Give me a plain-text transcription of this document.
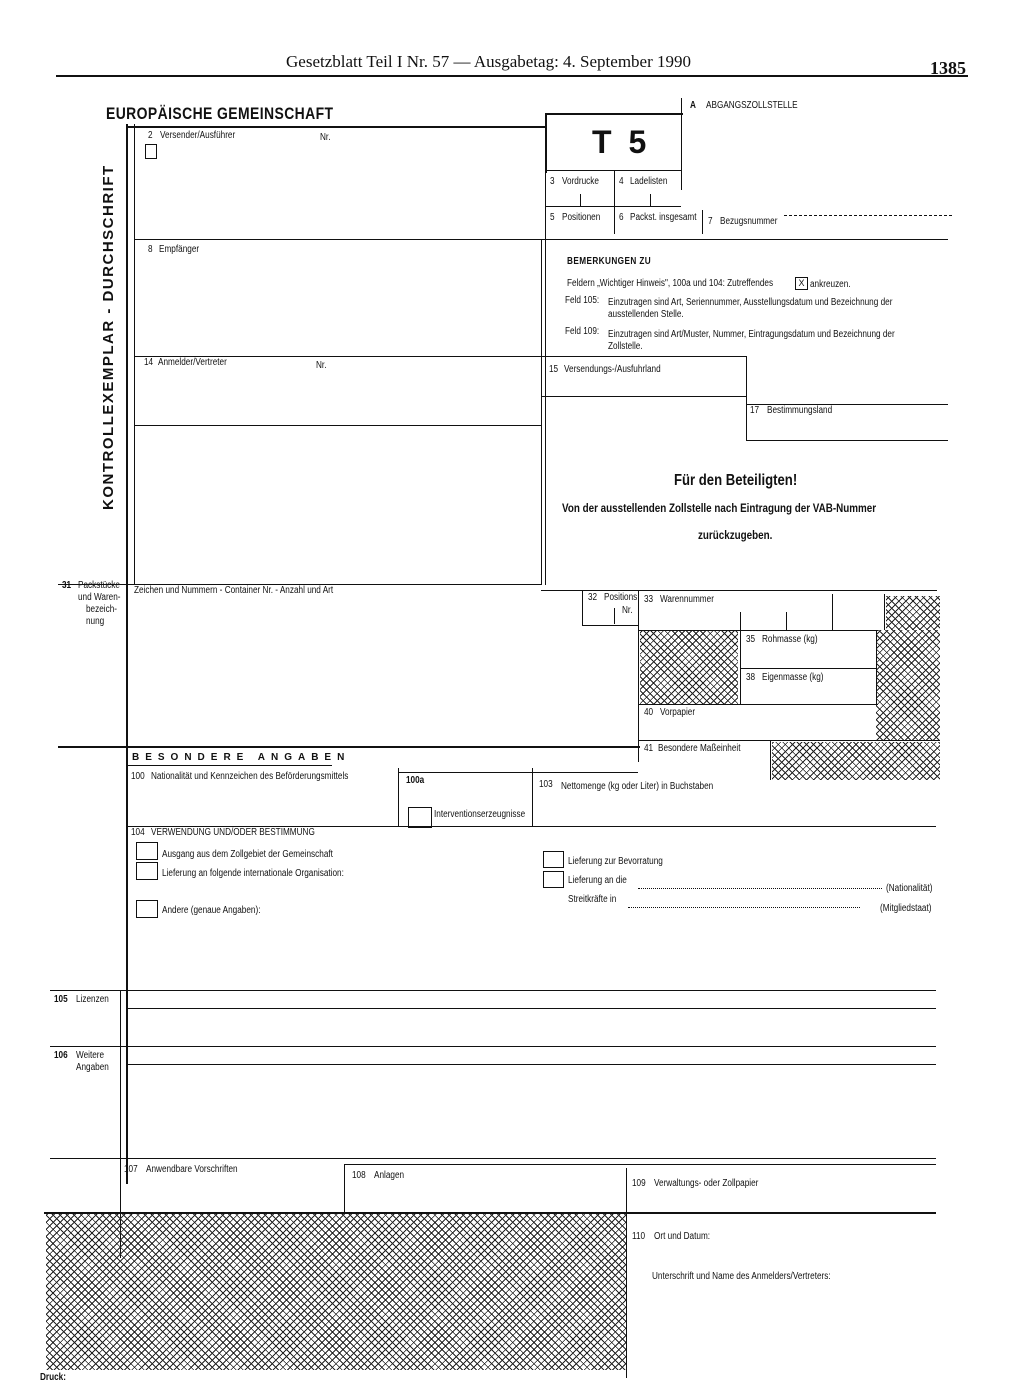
Gesetzblatt Teil I Nr. 57 — Ausgabetag: 4. September 1990	1385
EUROPÄISCHE GEMEINSCHAFT
KONTROLLEXEMPLAR - DURCHSCHRIFT
T 5
A ABGANGSZOLLSTELLE
3 Vordrucke 4 Ladelisten
5 Positionen 6 Packst. insgesamt 7 Bezugsnummer
2 Versender/Ausführer	Nr.
8 Empfänger
BEMERKUNGEN ZU
Feldern „Wichtiger Hinweis", 100a und 104: Zutreffendes	X ankreuzen.
Feld 105: Einzutragen sind Art, Seriennummer, Ausstellungsdatum und Bezeichnung der
ausstellenden Stelle.
Feld 109: Einzutragen sind Art/Muster, Nummer, Eintragungsdatum und Bezeichnung der
Zollstelle.
14 Anmelder/Vertreter	Nr.	15 Versendungs-/Ausfuhrland
17 Bestimmungsland
Für den Beteiligten!
Von der ausstellenden Zollstelle nach Eintragung der VAB-Nummer
zurückzugeben.
31 Packstücke
und Waren-
bezeich-
nung
Zeichen und Nummern - Container Nr. - Anzahl und Art
32 Positions
Nr.
33 Warennummer
35 Rohmasse (kg)
38 Eigenmasse (kg)
40 Vorpapier
41 Besondere Maßeinheit
BESONDERE ANGABEN
100 Nationalität und Kennzeichen des Beförderungsmittels	100a
Interventionserzeugnisse
103 Nettomenge (kg oder Liter) in Buchstaben
104 VERWENDUNG UND/ODER BESTIMMUNG
Ausgang aus dem Zollgebiet der Gemeinschaft
Lieferung an folgende internationale Organisation:
Andere (genaue Angaben):
Lieferung zur Bevorratung
Lieferung an die
(Nationalität)
Streitkräfte in
(Mitgliedstaat)
105 Lizenzen
106 Weitere
Angaben
107 Anwendbare Vorschriften
108 Anlagen
109 Verwaltungs- oder Zollpapier
110 Ort und Datum:
Unterschrift und Name des Anmelders/Vertreters:
Druck:
